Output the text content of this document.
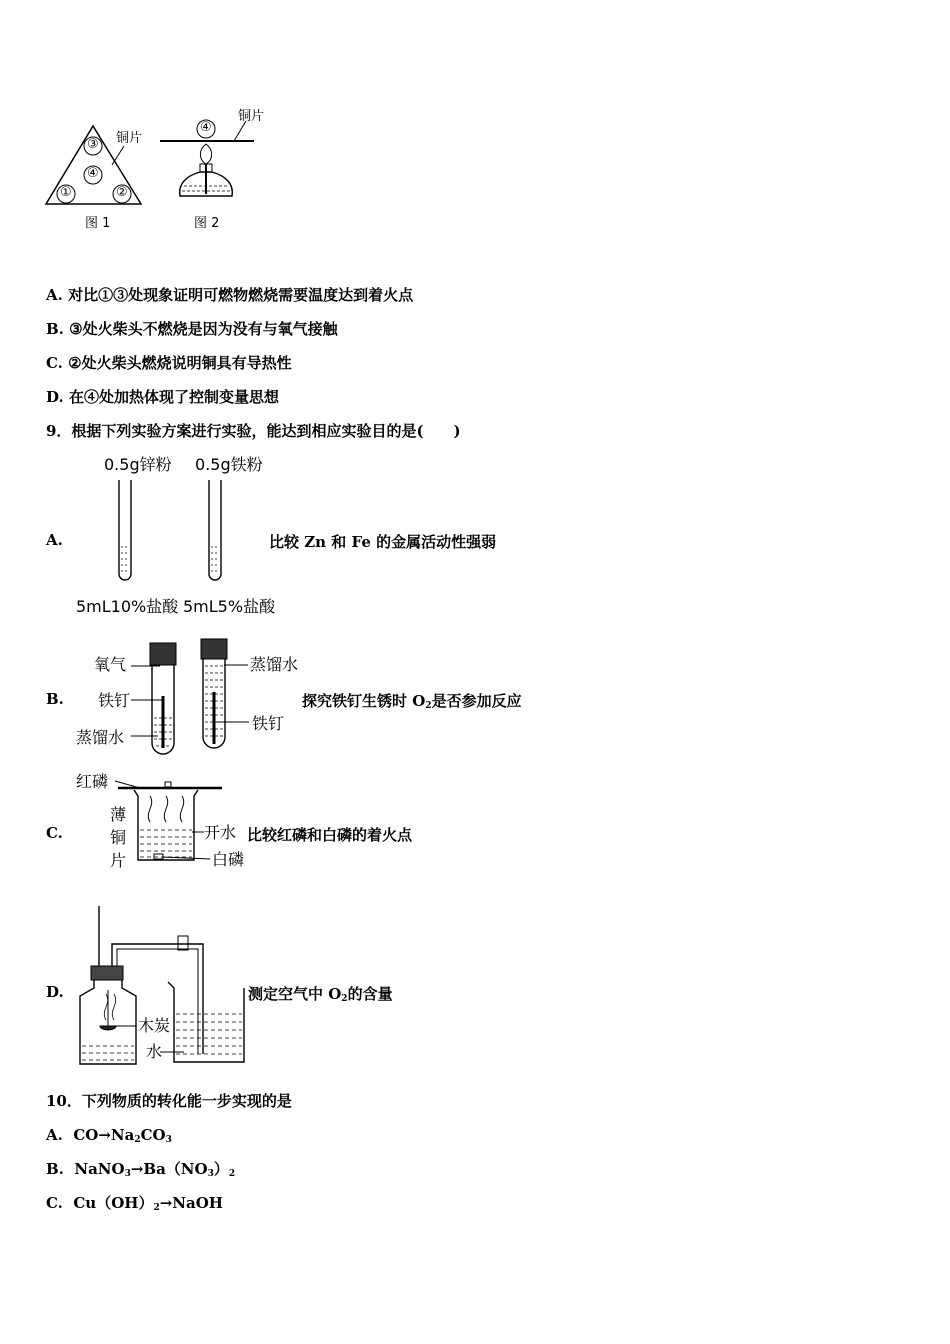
③
④
①	②
铜片
图 1
④
铜片
图 2
A. 对比①③处现象证明可燃物燃烧需要温度达到着火点
B. ③处火柴头不燃烧是因为没有与氧气接触
C. ②处火柴头燃烧说明铜具有导热性
D. 在④处加热体现了控制变量思想
9．根据下列实验方案进行实验，能达到相应实验目的是(　　)
A.
0.5g锌粉 0.5g铁粉
5mL10%盐酸 5mL5%盐酸
比较 Zn 和 Fe 的金属活动性强弱
B.
氧气
铁钉
蒸馏水
蒸馏水
铁钉
探究铁钉生锈时 $O_2$是否参加反应
C.
红磷
薄
铜
片
开水
白磷
比较红磷和白磷的着火点
D.
木炭
水
测定空气中 $O_2$的含量
10．下列物质的转化能一步实现的是
A. $CO\to Na_2CO_3$
B. $NaNO_3\to Ba(NO_3)_2$
C. $Cu(OH)_2\to NaOH$
